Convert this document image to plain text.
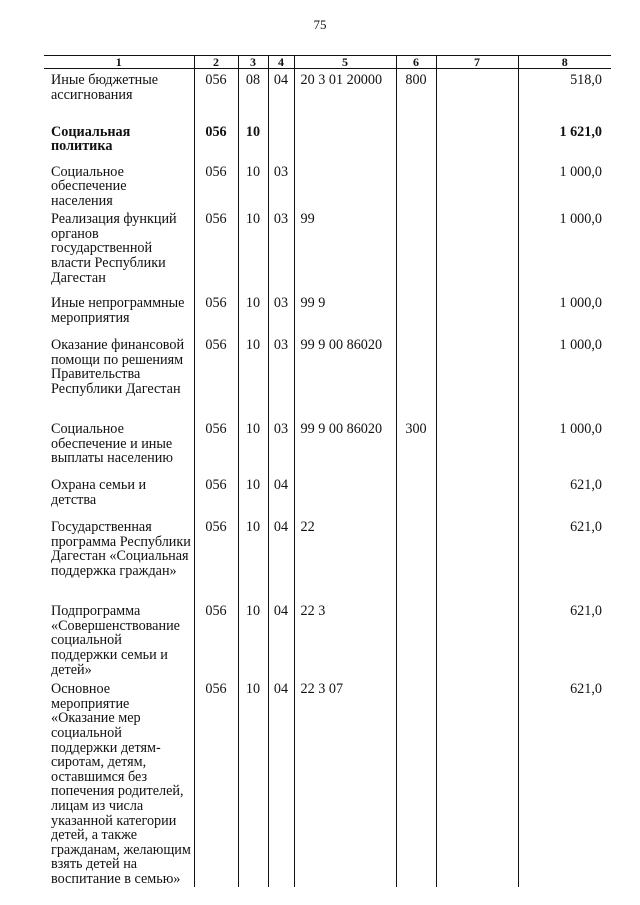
75
1	2	3	4	5	6	7	8
Иные бюджетные ассигнования	056	08	04	20 3 01 20000	800		518,0
Социальная политика	056	10					1 621,0
Социальное обеспечение населения	056	10	03				1 000,0
Реализация функций органов государственной власти Республики Дагестан	056	10	03	99			1 000,0
Иные непрограммные мероприятия	056	10	03	99 9			1 000,0
Оказание финансовой помощи по решениям Правительства Республики Дагестан	056	10	03	99 9 00 86020			1 000,0
Социальное обеспечение и иные выплаты населению	056	10	03	99 9 00 86020	300		1 000,0
Охрана семьи и детства	056	10	04				621,0
Государственная программа Республики Дагестан «Социальная поддержка граждан»	056	10	04	22			621,0
Подпрограмма «Совершенствование социальной поддержки семьи и детей»	056	10	04	22 3			621,0
Основное мероприятие «Оказание мер социальной поддержки детям-сиротам, детям, оставшимся без попечения родителей, лицам из числа указанной категории детей, а также гражданам, желающим взять детей на воспитание в семью»	056	10	04	22 3 07			621,0
